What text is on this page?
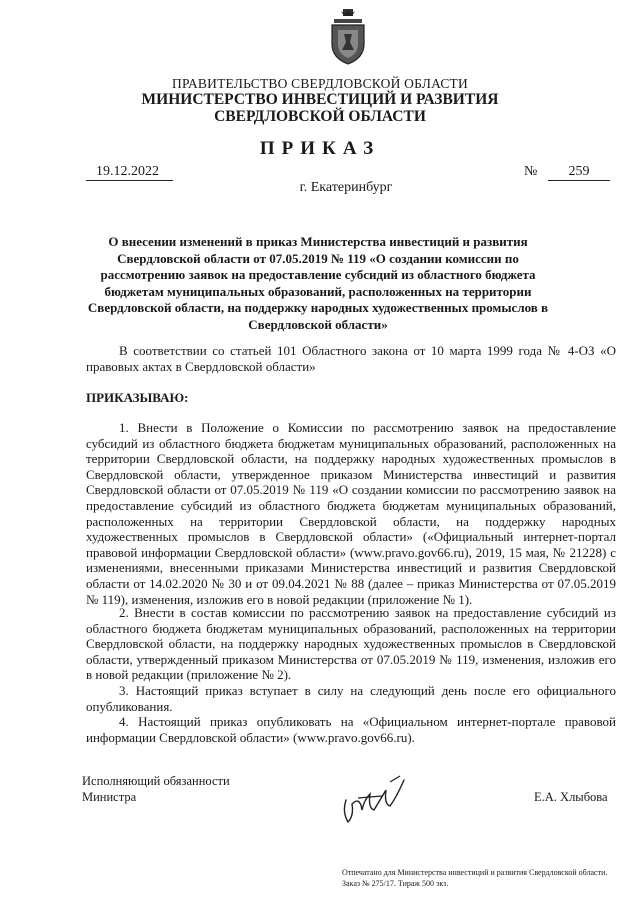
ПРАВИТЕЛЬСТВО СВЕРДЛОВСКОЙ ОБЛАСТИ
МИНИСТЕРСТВО ИНВЕСТИЦИЙ И РАЗВИТИЯ
СВЕРДЛОВСКОЙ ОБЛАСТИ
ПРИКАЗ
19.12.2022	№	259
г. Екатеринбург
О внесении изменений в приказ Министерства инвестиций и развития Свердловской области от 07.05.2019 № 119 «О создании комиссии по рассмотрению заявок на предоставление субсидий из областного бюджета бюджетам муниципальных образований, расположенных на территории Свердловской области, на поддержку народных художественных промыслов в Свердловской области»
В соответствии со статьей 101 Областного закона от 10 марта 1999 года № 4-ОЗ «О правовых актах в Свердловской области»
ПРИКАЗЫВАЮ:
1. Внести в Положение о Комиссии по рассмотрению заявок на предоставление субсидий из областного бюджета бюджетам муниципальных образований, расположенных на территории Свердловской области, на поддержку народных художественных промыслов в Свердловской области, утвержденное приказом Министерства инвестиций и развития Свердловской области от 07.05.2019 № 119 «О создании комиссии по рассмотрению заявок на предоставление субсидий из областного бюджета бюджетам муниципальных образований, расположенных на территории Свердловской области, на поддержку народных художественных промыслов в Свердловской области» («Официальный интернет-портал правовой информации Свердловской области» (www.pravo.gov66.ru), 2019, 15 мая, № 21228) с изменениями, внесенными приказами Министерства инвестиций и развития Свердловской области от 14.02.2020 № 30 и от 09.04.2021 № 88 (далее – приказ Министерства от 07.05.2019 № 119), изменения, изложив его в новой редакции (приложение № 1).
2. Внести в состав комиссии по рассмотрению заявок на предоставление субсидий из областного бюджета бюджетам муниципальных образований, расположенных на территории Свердловской области, на поддержку народных художественных промыслов в Свердловской области, утвержденный приказом Министерства от 07.05.2019 № 119, изменения, изложив его в новой редакции (приложение № 2).
3. Настоящий приказ вступает в силу на следующий день после его официального опубликования.
4. Настоящий приказ опубликовать на «Официальном интернет-портале правовой информации Свердловской области» (www.pravo.gov66.ru).
Исполняющий обязанности
Министра	Е.А. Хлыбова
Отпечатано для Министерства инвестиций и развития Свердловской области.
Заказ № 275/17. Тираж 500 экз.
